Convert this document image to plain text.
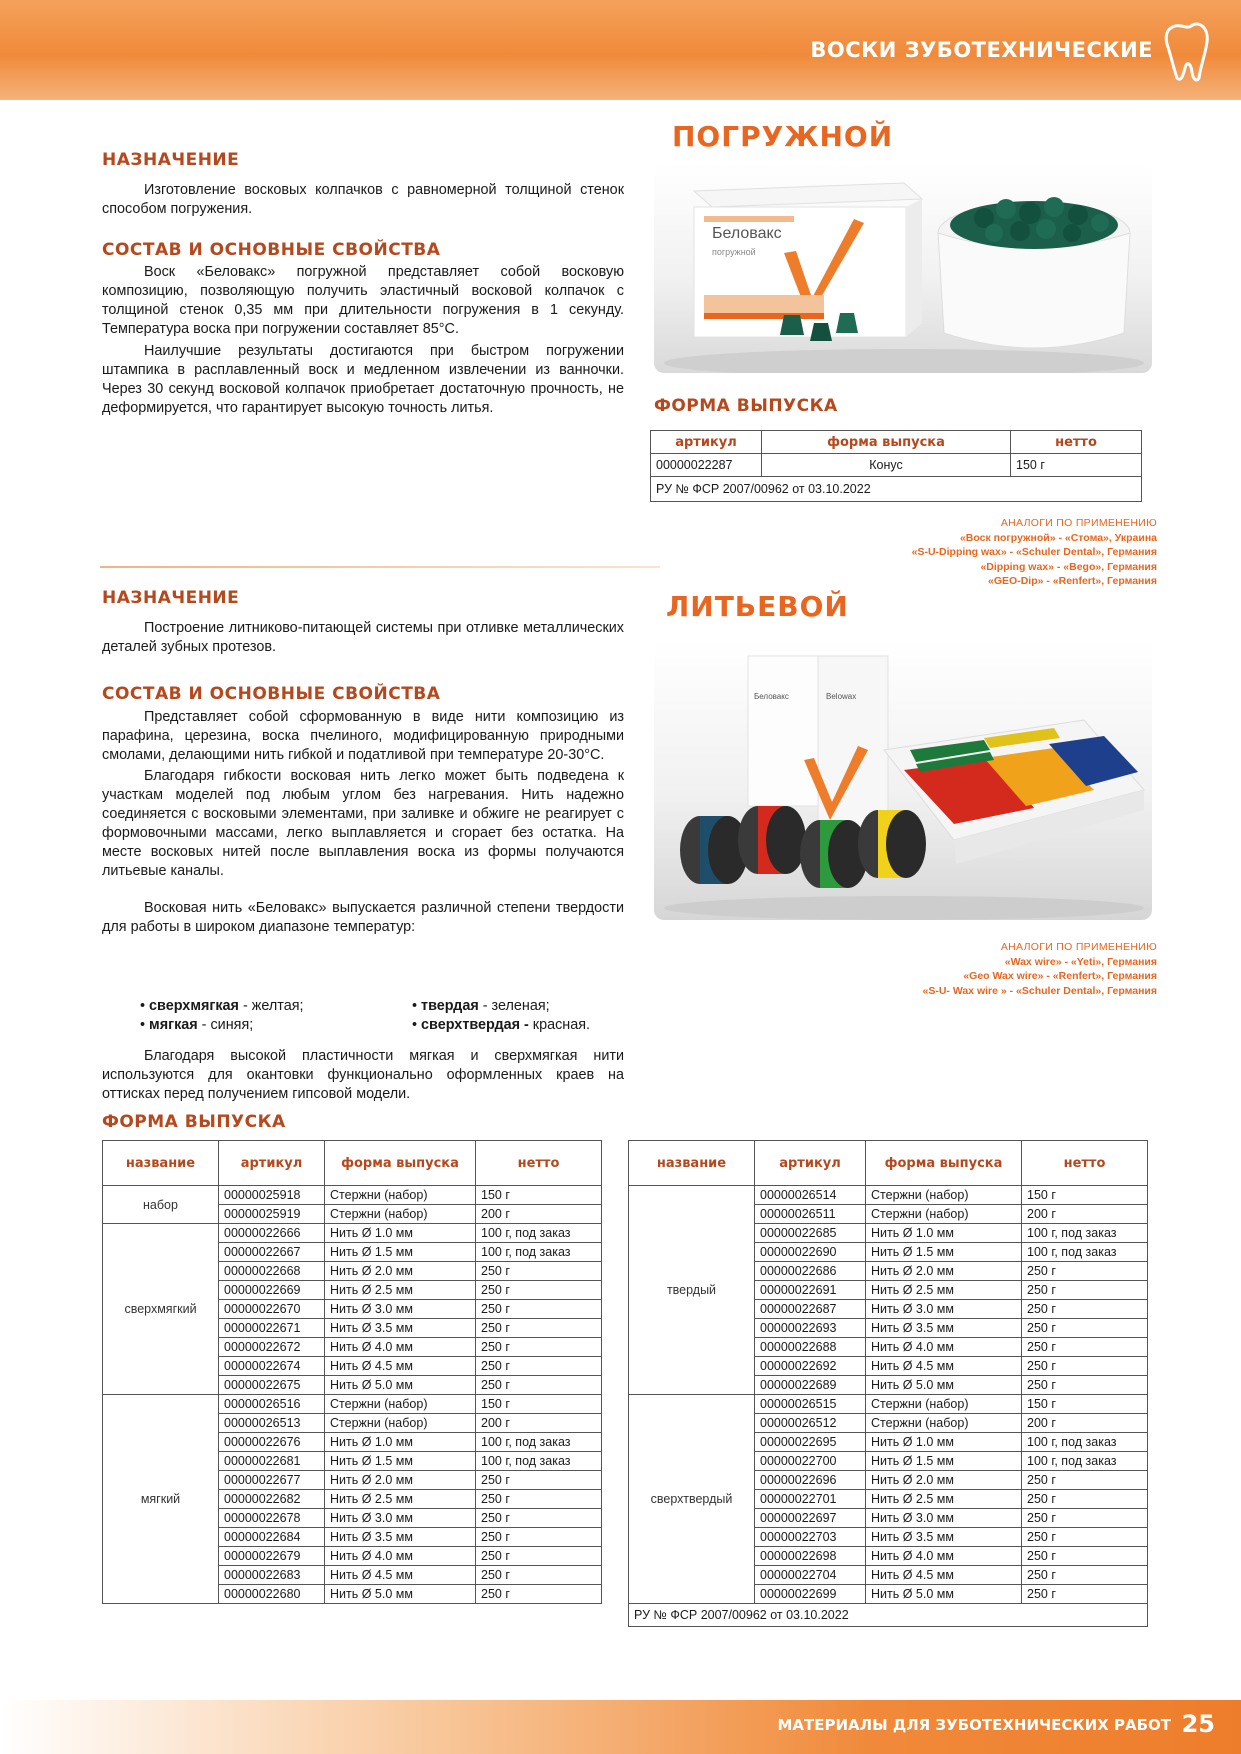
ВОСКИ ЗУБОТЕХНИЧЕСКИЕ
НАЗНАЧЕНИЕ

Изготовление восковых колпачков с равномерной толщиной стенок способом погружения.

СОСТАВ И ОСНОВНЫЕ СВОЙСТВА

Воск «Беловакс» погружной представляет собой восковую композицию, позволяющую получить эластичный восковой колпачок с толщиной стенок 0,35 мм при длительности погружения в 1 секунду. Температура воска при погружении составляет 85°С.

Наилучшие результаты достигаются при быстром погружении штампика в расплавленный воск и медленном извлечении из ванночки. Через 30 секунд восковой колпачок приобретает достаточную прочность, не деформируется, что гарантирует высокую точность литья.

ПОГРУЖНОЙ
Беловакс
погружной
ФОРМА ВЫПУСКА
артикул	форма выпуска	нетто
00000022287	Конус	150 г
РУ № ФСР 2007/00962 от 03.10.2022		
АНАЛОГИ ПО ПРИМЕНЕНИЮ
«Воск погружной» - «Стома», Украина
«S-U-Dipping wax» - «Schuler Dental», Германия
«Dipping wax» - «Bego», Германия
«GEO-Dip» - «Renfert», Германия
НАЗНАЧЕНИЕ

Построение литниково-питающей системы при отливке металлических деталей зубных протезов.

СОСТАВ И ОСНОВНЫЕ СВОЙСТВА

Представляет собой сформованную в виде нити композицию из парафина, церезина, воска пчелиного, модифицированную природными смолами, делающими нить гибкой и податливой при температуре 20-30°С.

Благодаря гибкости восковая нить легко может быть подведена к участкам моделей под любым углом без нагревания. Нить надежно соединяется с восковыми элементами, при заливке и обжиге не реагирует с формовочными массами, легко выплавляется и сгорает без остатка. На месте восковых нитей после выплавления воска из формы получаются литьевые каналы.

Восковая нить «Беловакс» выпускается различной степени твердости для работы в широком диапазоне температур:

• сверхмягкая - желтая;	• твердая - зеленая;
• мягкая - синяя;	• сверхтвердая - красная.

Благодаря высокой пластичности мягкая и сверхмягкая нити используются для окантовки функционально оформленных краев на оттисках перед получением гипсовой модели.

ЛИТЬЕВОЙ
Беловакс	Belowax
АНАЛОГИ ПО ПРИМЕНЕНИЮ
«Wax wire» - «Yeti», Германия
«Geo Wax wire» - «Renfert», Германия
«S-U- Wax wire » - «Schuler Dental», Германия
ФОРМА ВЫПУСКА
название	артикул	форма выпуска	нетто
набор	00000025918	Стержни (набор)	150 г
	00000025919	Стержни (набор)	200 г
сверхмягкий	00000022666	Нить Ø 1.0 мм	100 г, под заказ
	00000022667	Нить Ø 1.5 мм	100 г, под заказ
	00000022668	Нить Ø 2.0 мм	250 г
	00000022669	Нить Ø 2.5 мм	250 г
	00000022670	Нить Ø 3.0 мм	250 г
	00000022671	Нить Ø 3.5 мм	250 г
	00000022672	Нить Ø 4.0 мм	250 г
	00000022674	Нить Ø 4.5 мм	250 г
	00000022675	Нить Ø 5.0 мм	250 г
мягкий	00000026516	Стержни (набор)	150 г
	00000026513	Стержни (набор)	200 г
	00000022676	Нить Ø 1.0 мм	100 г, под заказ
	00000022681	Нить Ø 1.5 мм	100 г, под заказ
	00000022677	Нить Ø 2.0 мм	250 г
	00000022682	Нить Ø 2.5 мм	250 г
	00000022678	Нить Ø 3.0 мм	250 г
	00000022684	Нить Ø 3.5 мм	250 г
	00000022679	Нить Ø 4.0 мм	250 г
	00000022683	Нить Ø 4.5 мм	250 г
	00000022680	Нить Ø 5.0 мм	250 г
название	артикул	форма выпуска	нетто
твердый	00000026514	Стержни (набор)	150 г
	00000026511	Стержни (набор)	200 г
	00000022685	Нить Ø 1.0 мм	100 г, под заказ
	00000022690	Нить Ø 1.5 мм	100 г, под заказ
	00000022686	Нить Ø 2.0 мм	250 г
	00000022691	Нить Ø 2.5 мм	250 г
	00000022687	Нить Ø 3.0 мм	250 г
	00000022693	Нить Ø 3.5 мм	250 г
	00000022688	Нить Ø 4.0 мм	250 г
	00000022692	Нить Ø 4.5 мм	250 г
	00000022689	Нить Ø 5.0 мм	250 г
сверхтвердый	00000026515	Стержни (набор)	150 г
	00000026512	Стержни (набор)	200 г
	00000022695	Нить Ø 1.0 мм	100 г, под заказ
	00000022700	Нить Ø 1.5 мм	100 г, под заказ
	00000022696	Нить Ø 2.0 мм	250 г
	00000022701	Нить Ø 2.5 мм	250 г
	00000022697	Нить Ø 3.0 мм	250 г
	00000022703	Нить Ø 3.5 мм	250 г
	00000022698	Нить Ø 4.0 мм	250 г
	00000022704	Нить Ø 4.5 мм	250 г
	00000022699	Нить Ø 5.0 мм	250 г
РУ № ФСР 2007/00962 от 03.10.2022			
МАТЕРИАЛЫ ДЛЯ ЗУБОТЕХНИЧЕСКИХ РАБОТ 25
